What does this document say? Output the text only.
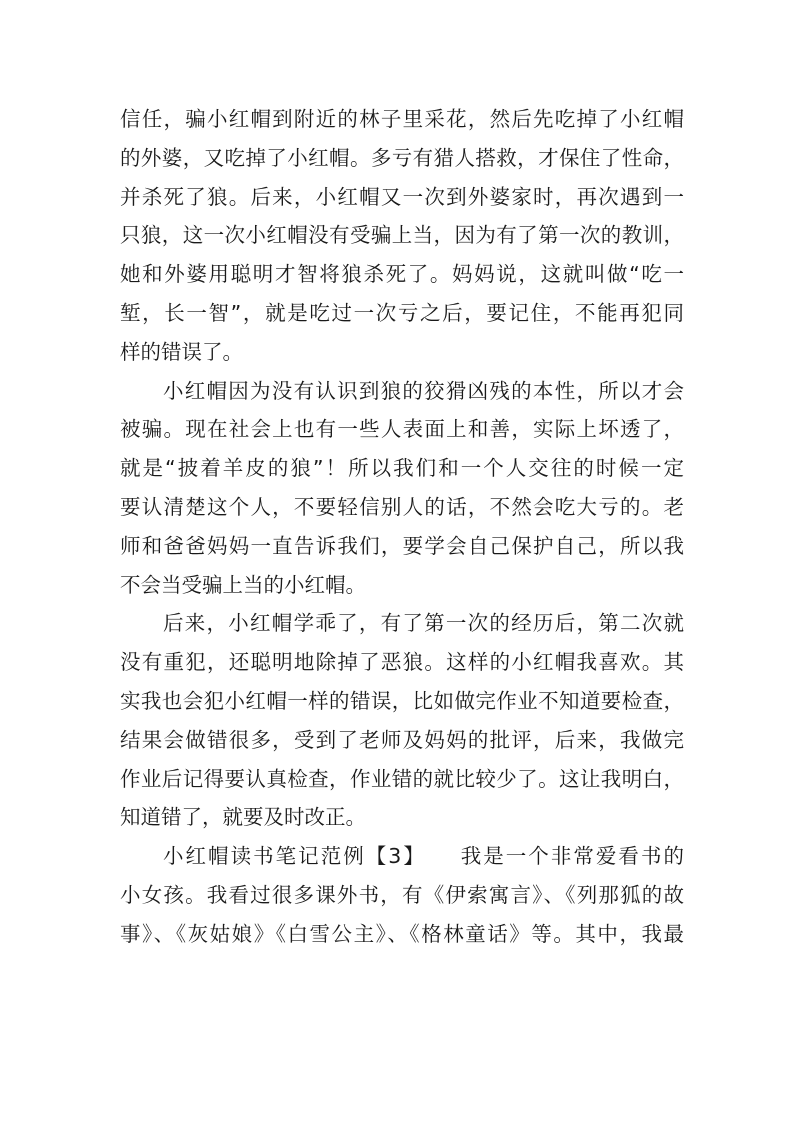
信任，骗小红帽到附近的林子里采花，然后先吃掉了小红帽
的外婆，又吃掉了小红帽。多亏有猎人搭救，才保住了性命，
并杀死了狼。后来，小红帽又一次到外婆家时，再次遇到一
只狼，这一次小红帽没有受骗上当，因为有了第一次的教训，
她和外婆用聪明才智将狼杀死了。妈妈说，这就叫做“吃一
堑，长一智”，就是吃过一次亏之后，要记住，不能再犯同
样的错误了。
小红帽因为没有认识到狼的狡猾凶残的本性，所以才会
被骗。现在社会上也有一些人表面上和善，实际上坏透了，
就是“披着羊皮的狼”！所以我们和一个人交往的时候一定
要认清楚这个人，不要轻信别人的话，不然会吃大亏的。老
师和爸爸妈妈一直告诉我们，要学会自己保护自己，所以我
不会当受骗上当的小红帽。
后来，小红帽学乖了，有了第一次的经历后，第二次就
没有重犯，还聪明地除掉了恶狼。这样的小红帽我喜欢。其
实我也会犯小红帽一样的错误，比如做完作业不知道要检查，
结果会做错很多，受到了老师及妈妈的批评，后来，我做完
作业后记得要认真检查，作业错的就比较少了。这让我明白，
知道错了，就要及时改正。
小红帽读书笔记范例【3】　　我是一个非常爱看书的
小女孩。我看过很多课外书，有《伊索寓言》、《列那狐的故
事》、《灰姑娘》《白雪公主》、《格林童话》等。其中，我最
